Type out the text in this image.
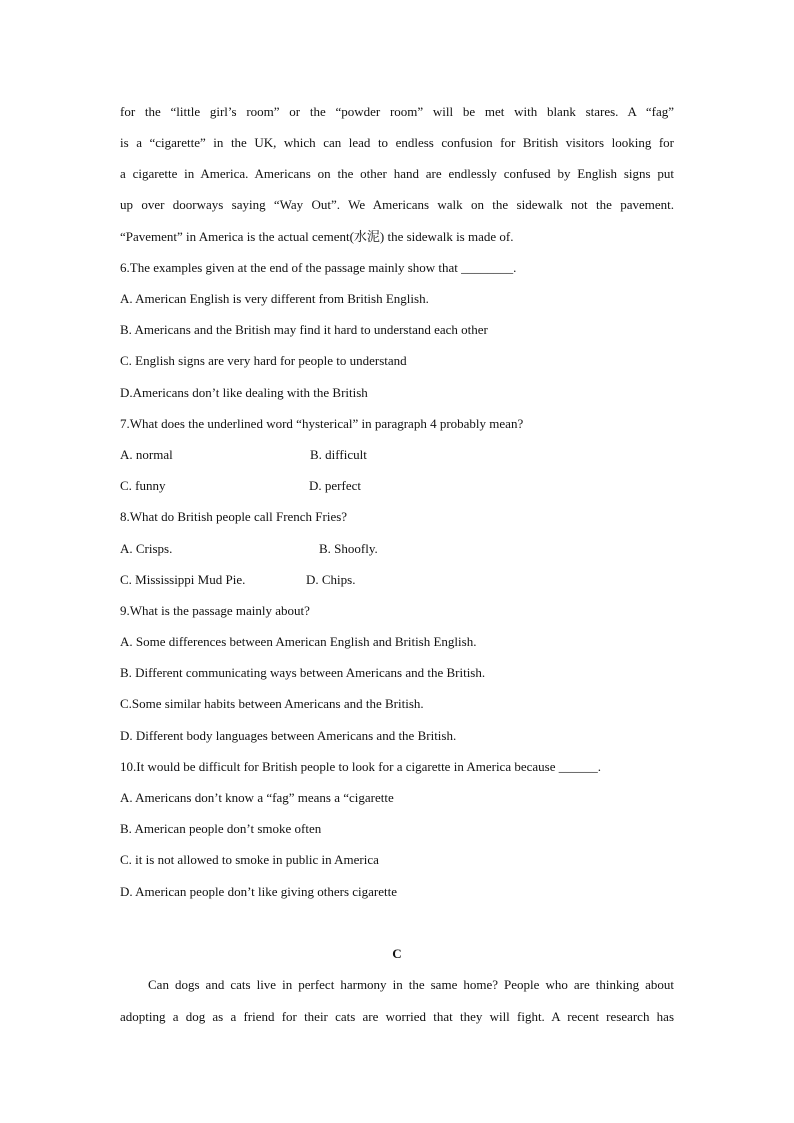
for the “little girl’s room” or the “powder room” will be met with blank stares. A “fag”
is a “cigarette” in the UK, which can lead to endless confusion for British visitors looking for
a cigarette in America. Americans on the other hand are endlessly confused by English signs put
up over doorways saying “Way Out”. We Americans walk on the sidewalk not the pavement.
“Pavement” in America is the actual cement(水泥) the sidewalk is made of.
6.The examples given at the end of the passage mainly show that ________.
A. American English is very different from British English.
B. Americans and the British may find it hard to understand each other
C. English signs are very hard for people to understand
D.Americans don’t like dealing with the British
7.What does the underlined word “hysterical” in paragraph 4 probably mean?
A. normal	B. difficult
C. funny	D. perfect
8.What do British people call French Fries?
A. Crisps.	B. Shoofly.
C. Mississippi Mud Pie.	D. Chips.
9.What is the passage mainly about?
A. Some differences between American English and British English.
B. Different communicating ways between Americans and the British.
C.Some similar habits between Americans and the British.
D. Different body languages between Americans and the British.
10.It would be difficult for British people to look for a cigarette in America because ______.
A. Americans don’t know a “fag” means a “cigarette
B. American people don’t smoke often
C. it is not allowed to smoke in public in America
D. American people don’t like giving others cigarette
C
Can dogs and cats live in perfect harmony in the same home? People who are thinking about
adopting a dog as a friend for their cats are worried that they will fight. A recent research has
